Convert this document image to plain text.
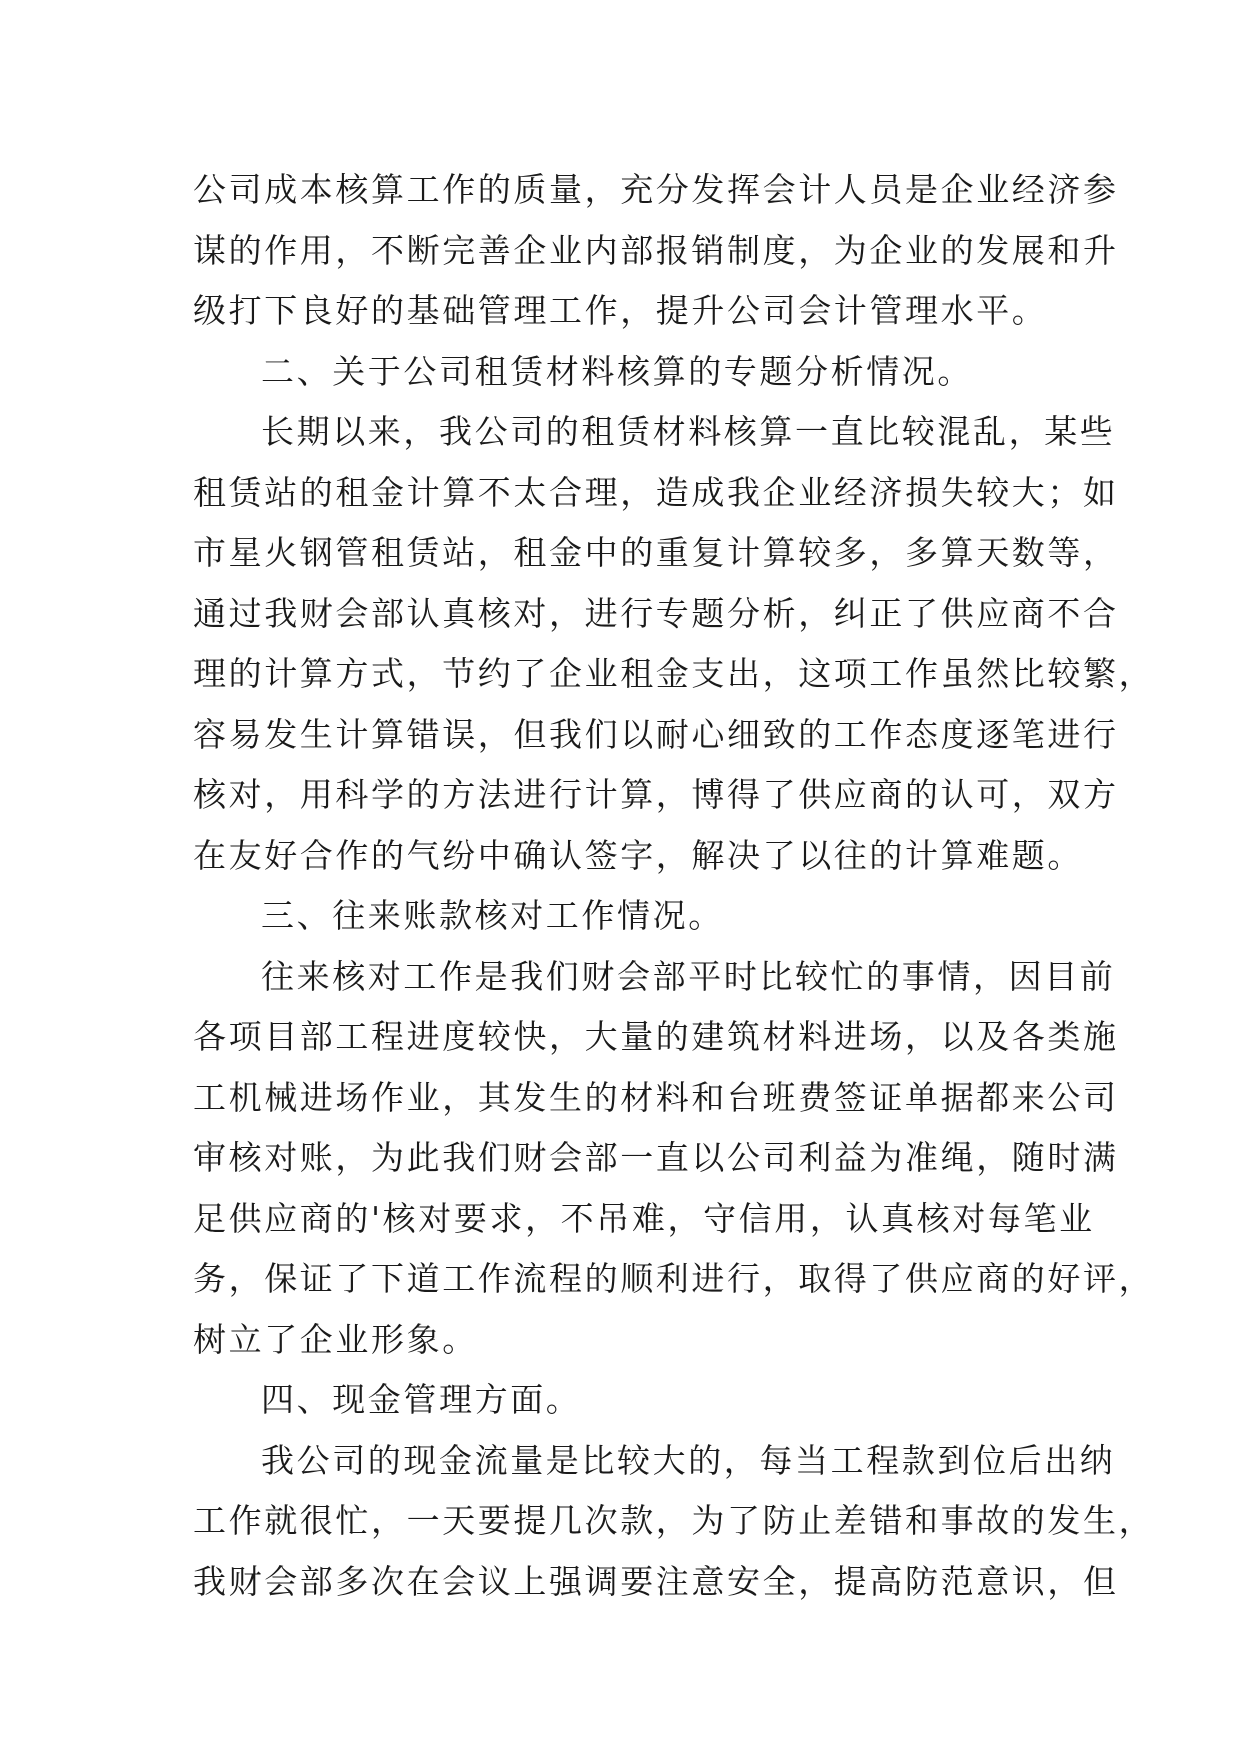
公司成本核算工作的质量，充分发挥会计人员是企业经济参
谋的作用，不断完善企业内部报销制度，为企业的发展和升
级打下良好的基础管理工作，提升公司会计管理水平。
二、关于公司租赁材料核算的专题分析情况。
长期以来，我公司的租赁材料核算一直比较混乱，某些
租赁站的租金计算不太合理，造成我企业经济损失较大；如
市星火钢管租赁站，租金中的重复计算较多，多算天数等，
通过我财会部认真核对，进行专题分析，纠正了供应商不合
理的计算方式，节约了企业租金支出，这项工作虽然比较繁，
容易发生计算错误，但我们以耐心细致的工作态度逐笔进行
核对，用科学的方法进行计算，博得了供应商的认可，双方
在友好合作的气纷中确认签字，解决了以往的计算难题。
三、往来账款核对工作情况。
往来核对工作是我们财会部平时比较忙的事情，因目前
各项目部工程进度较快，大量的建筑材料进场，以及各类施
工机械进场作业，其发生的材料和台班费签证单据都来公司
审核对账，为此我们财会部一直以公司利益为准绳，随时满
足供应商的'核对要求，不吊难，守信用，认真核对每笔业
务，保证了下道工作流程的顺利进行，取得了供应商的好评，
树立了企业形象。
四、现金管理方面。
我公司的现金流量是比较大的，每当工程款到位后出纳
工作就很忙，一天要提几次款，为了防止差错和事故的发生，
我财会部多次在会议上强调要注意安全，提高防范意识，但
